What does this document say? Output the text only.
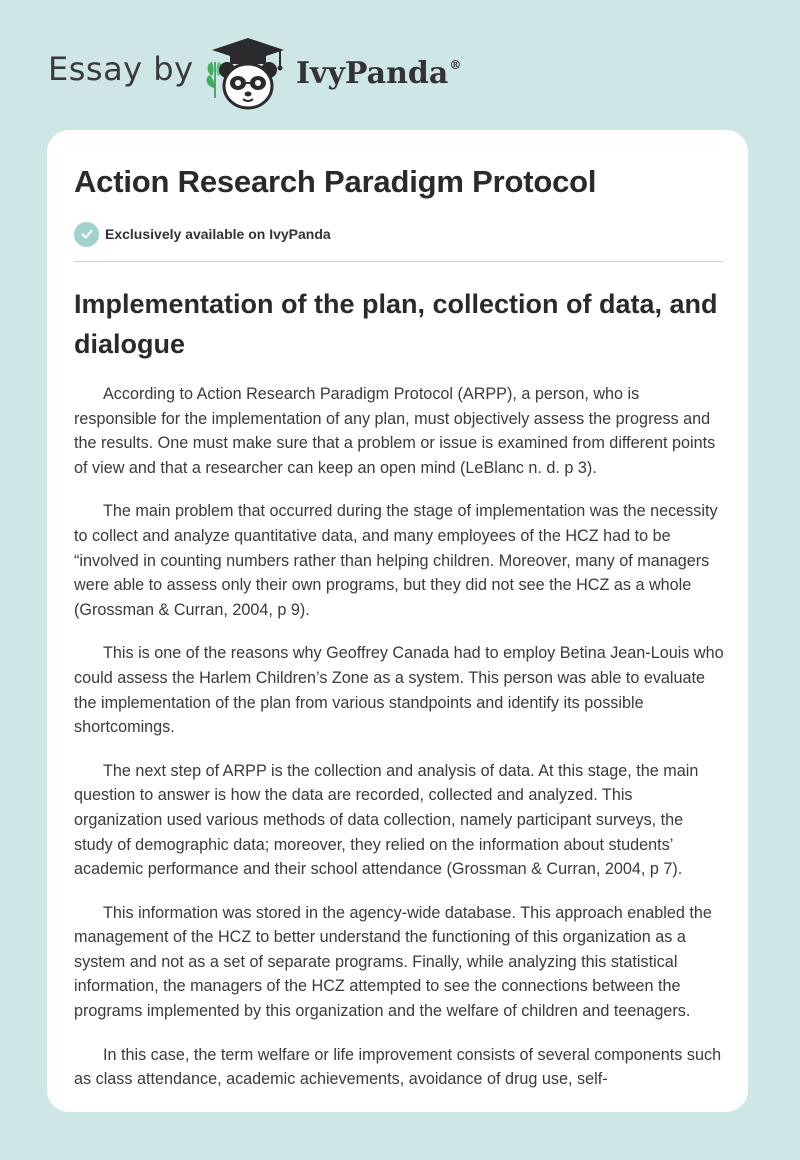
Essay by	IvyPanda®
Action Research Paradigm Protocol
Exclusively available on IvyPanda
Implementation of the plan, collection of data, and dialogue

According to Action Research Paradigm Protocol (ARPP), a person, who is responsible for the implementation of any plan, must objectively assess the progress and the results. One must make sure that a problem or issue is examined from different points of view and that a researcher can keep an open mind (LeBlanc n. d. p 3).

The main problem that occurred during the stage of implementation was the necessity to collect and analyze quantitative data, and many employees of the HCZ had to be “involved in counting numbers rather than helping children. Moreover, many of managers were able to assess only their own programs, but they did not see the HCZ as a whole (Grossman & Curran, 2004, p 9).

This is one of the reasons why Geoffrey Canada had to employ Betina Jean-Louis who could assess the Harlem Children’s Zone as a system. This person was able to evaluate the implementation of the plan from various standpoints and identify its possible shortcomings.

The next step of ARPP is the collection and analysis of data. At this stage, the main question to answer is how the data are recorded, collected and analyzed. This organization used various methods of data collection, namely participant surveys, the study of demographic data; moreover, they relied on the information about students’ academic performance and their school attendance (Grossman & Curran, 2004, p 7).

This information was stored in the agency-wide database. This approach enabled the management of the HCZ to better understand the functioning of this organization as a system and not as a set of separate programs. Finally, while analyzing this statistical information, the managers of the HCZ attempted to see the connections between the programs implemented by this organization and the welfare of children and teenagers.

In this case, the term welfare or life improvement consists of several components such as class attendance, academic achievements, avoidance of drug use, self-
